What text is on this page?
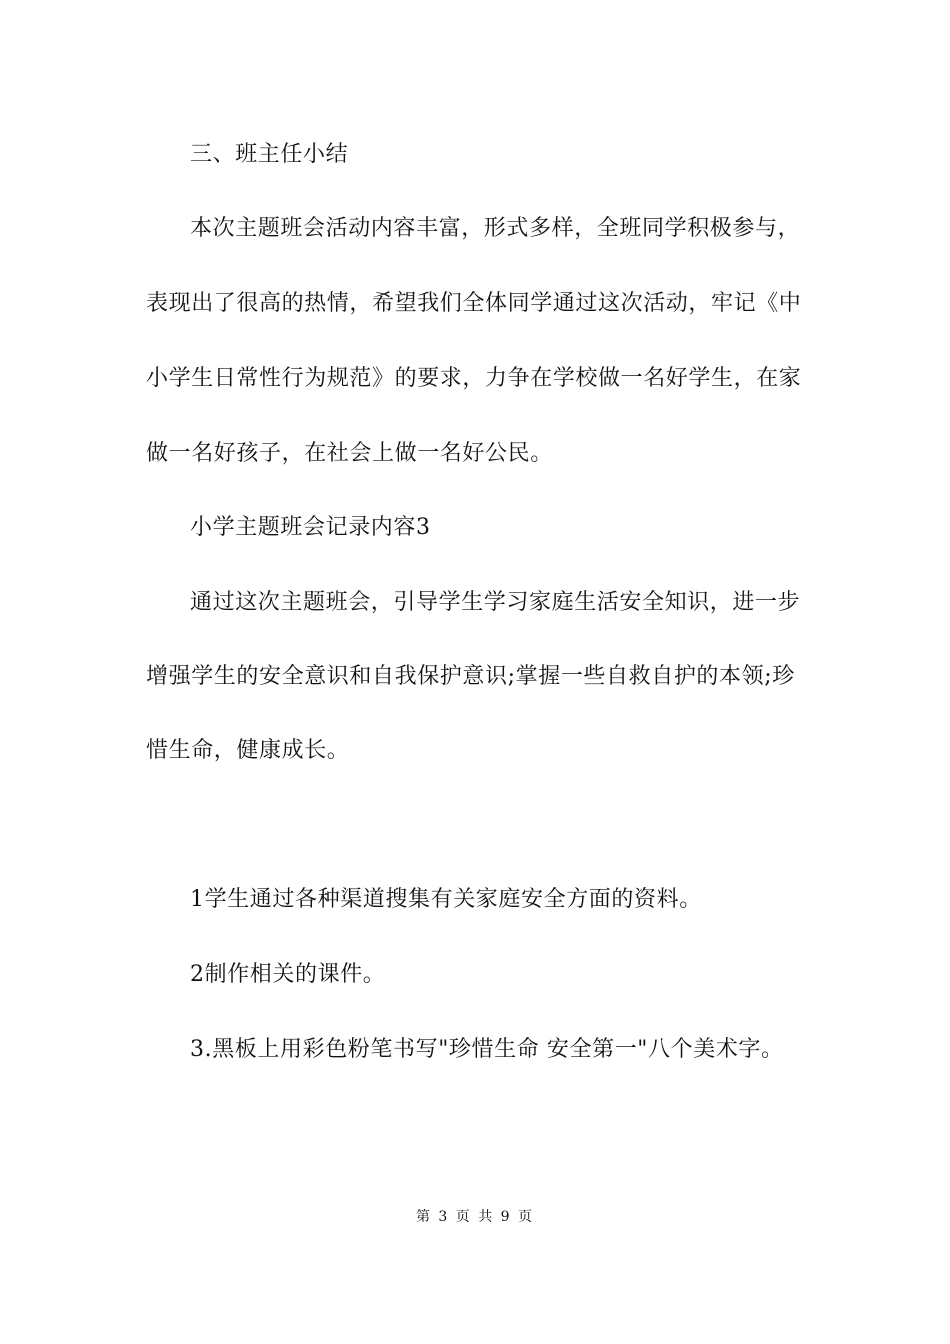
三、班主任小结
本次主题班会活动内容丰富，形式多样，全班同学积极参与，
表现出了很高的热情，希望我们全体同学通过这次活动，牢记《中
小学生日常性行为规范》的要求，力争在学校做一名好学生，在家
做一名好孩子，在社会上做一名好公民。
小学主题班会记录内容3
通过这次主题班会，引导学生学习家庭生活安全知识，进一步
增强学生的安全意识和自我保护意识;掌握一些自救自护的本领;珍
惜生命，健康成长。
1学生通过各种渠道搜集有关家庭安全方面的资料。
2制作相关的课件。
3.黑板上用彩色粉笔书写"珍惜生命 安全第一"八个美术字。
第 3 页 共 9 页
